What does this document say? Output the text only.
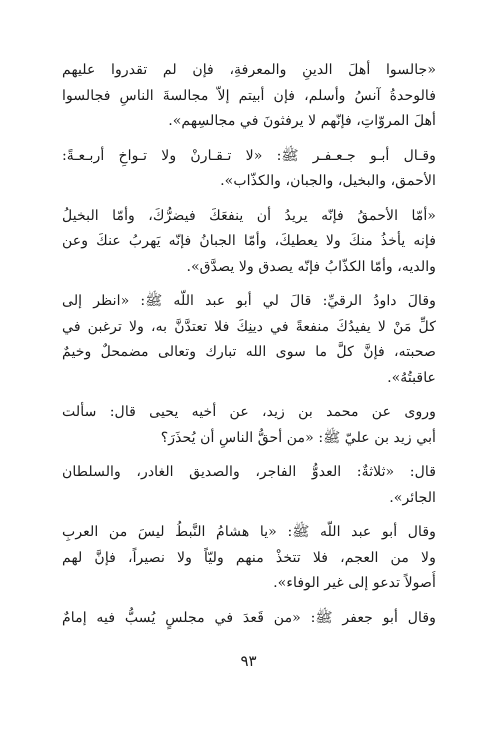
«جالسوا أهلَ الدينِ والمعرفةِ، فإن لم تقدروا عليهم
فالوحدةُ آنسُ وأسلم، فإن أبيتم إلاّ مجالسةَ الناسِ فجالسوا
أهلَ المروّاتِ، فإنّهم لا يرفثونَ في مجالسِهم».

وقـال أبـو جـعـفـر ﷺ: «لا تـقـارنْ ولا تـواخِ أربـعـةً:
الأحمق، والبخيل، والجبان، والكذّاب».

«أمّا الأحمقُ فإنّه يريدُ أن ينفعَكَ فيضرُّكَ، وأمّا البخيلُ
فإنه يأخذُ منكَ ولا يعطيكَ، وأمّا الجبانُ فإنّه يَهربُ عنكَ وعن
والديه، وأمّا الكذّابُ فإنّه يصدق ولا يصدَّق».

وقالَ داودُ الرقيِّ: قالَ لي أبو عبد اللّه ﷺ: «انظر إلى
كلِّ مَنْ لا يفيدُكَ منفعةً في دينِكَ فلا تعتدَّنَّ به، ولا ترغبن في
صحبته، فإنَّ كلَّ ما سوى الله تبارك وتعالى مضمحلٌ وخيمٌ
عاقبتُهُ».

وروى عن محمد بن زيد، عن أخيه يحيى قال: سألت
أبي زيد بن عليّ ﷺ: «من أحقُّ الناسِ أن يُحذَرَ؟

قال: «ثلاثةٌ: العدوُّ الفاجر، والصديق الغادر، والسلطان
الجائر».

وقال أبو عبد اللّه ﷺ: «يا هشامُ النَّبطُ ليسَ من العربِ
ولا من العجم، فلا تتخذْ منهم وليّاً ولا نصيراً، فإنَّ لهم
أُصولاً تدعو إلى غير الوفاء».

وقال أبو جعفر ﷺ: «من قَعدَ في مجلسٍ يُسبُّ فيه إمامٌ

٩٣
